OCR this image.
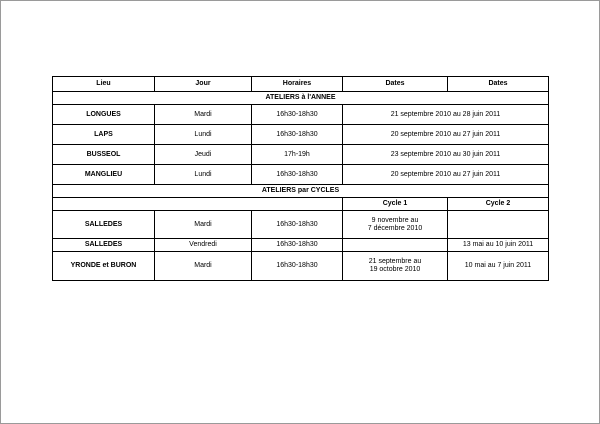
Lieu	Jour	Horaires	Dates	Dates
ATELIERS à l'ANNEE				
LONGUES	Mardi	16h30-18h30	21 septembre 2010 au 28 juin 2011	
LAPS	Lundi	16h30-18h30	20 septembre 2010 au 27 juin 2011	
BUSSEOL	Jeudi	17h-19h	23 septembre 2010 au 30 juin 2011	
MANGLIEU	Lundi	16h30-18h30	20 septembre 2010 au 27 juin 2011	
ATELIERS par CYCLES				
			Cycle 1	Cycle 2
SALLEDES	Mardi	16h30-18h30	9 novembre au
7 décembre 2010	
SALLEDES	Vendredi	16h30-18h30		13 mai au 10 juin 2011
YRONDE et BURON	Mardi	16h30-18h30	21 septembre au
19 octobre 2010	10 mai au 7 juin 2011
